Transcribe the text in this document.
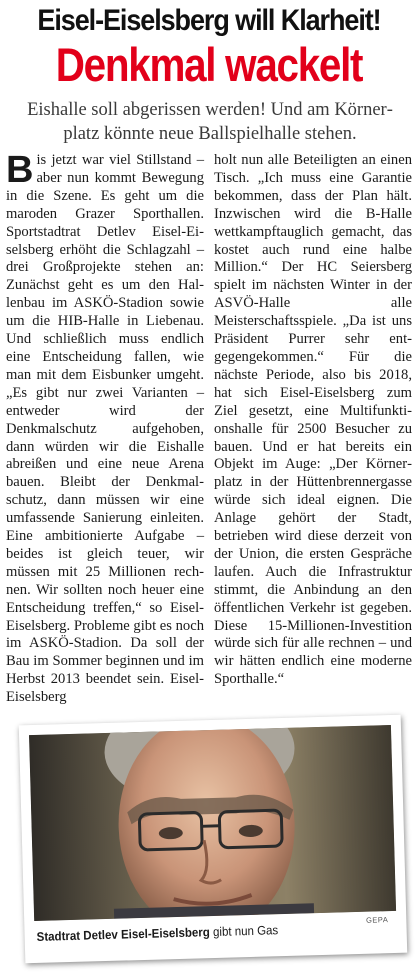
Eisel-Eiselsberg will Klarheit!
Denkmal wackelt
Eishalle soll abgerissen werden! Und am Körnerplatz könnte neue Ballspielhalle stehen.
B is jetzt war viel Stillstand – aber nun kommt Bewegung in die Szene. Es geht um die maroden Grazer Sporthallen. Sportstadtrat Detlev Eisel-Eiselsberg erhöht die Schlagzahl – drei Großprojekte stehen an: Zunächst geht es um den Hallenbau im ASKÖ-Stadion sowie um die HIB-Halle in Liebenau. Und schließlich muss endlich eine Entscheidung fallen, wie man mit dem Eisbunker umgeht. „Es gibt nur zwei Varianten – entweder wird der Denkmalschutz aufgehoben, dann würden wir die Eishalle abreißen und eine neue Arena bauen. Bleibt der Denkmalschutz, dann müssen wir eine umfassende Sanierung einleiten. Eine ambitionierte Aufgabe – beides ist gleich teuer, wir müssen mit 25 Millionen rechnen. Wir sollten noch heuer eine Entscheidung treffen,“ so Eisel-Eiselsberg. Probleme gibt es noch im ASKÖ-Stadion. Da soll der Bau im Sommer beginnen und im Herbst 2013 beendet sein. Eisel-Eiselsberg

holt nun alle Beteiligten an einen Tisch. „Ich muss eine Garantie bekommen, dass der Plan hält. Inzwischen wird die B-Halle wettkampftauglich gemacht, das kostet auch rund eine halbe Million.“ Der HC Seiersberg spielt im nächsten Winter in der ASVÖ-Halle alle Meisterschaftsspiele. „Da ist uns Präsident Purrer sehr entgegengekommen.“ Für die nächste Periode, also bis 2018, hat sich Eisel-Eiselsberg zum Ziel gesetzt, eine Multifunktionshalle für 2500 Besucher zu bauen. Und er hat bereits ein Objekt im Auge: „Der Körnerplatz in der Hüttenbrennergasse würde sich ideal eignen. Die Anlage gehört der Stadt, betrieben wird diese derzeit von der Union, die ersten Gespräche laufen. Auch die Infrastruktur stimmt, die Anbindung an den öffentlichen Verkehr ist gegeben. Diese 15-Millionen-Investition würde sich für alle rechnen – und wir hätten endlich eine moderne Sporthalle.“

Stadtrat Detlev Eisel-Eiselsberg gibt nun Gas
GEPA
